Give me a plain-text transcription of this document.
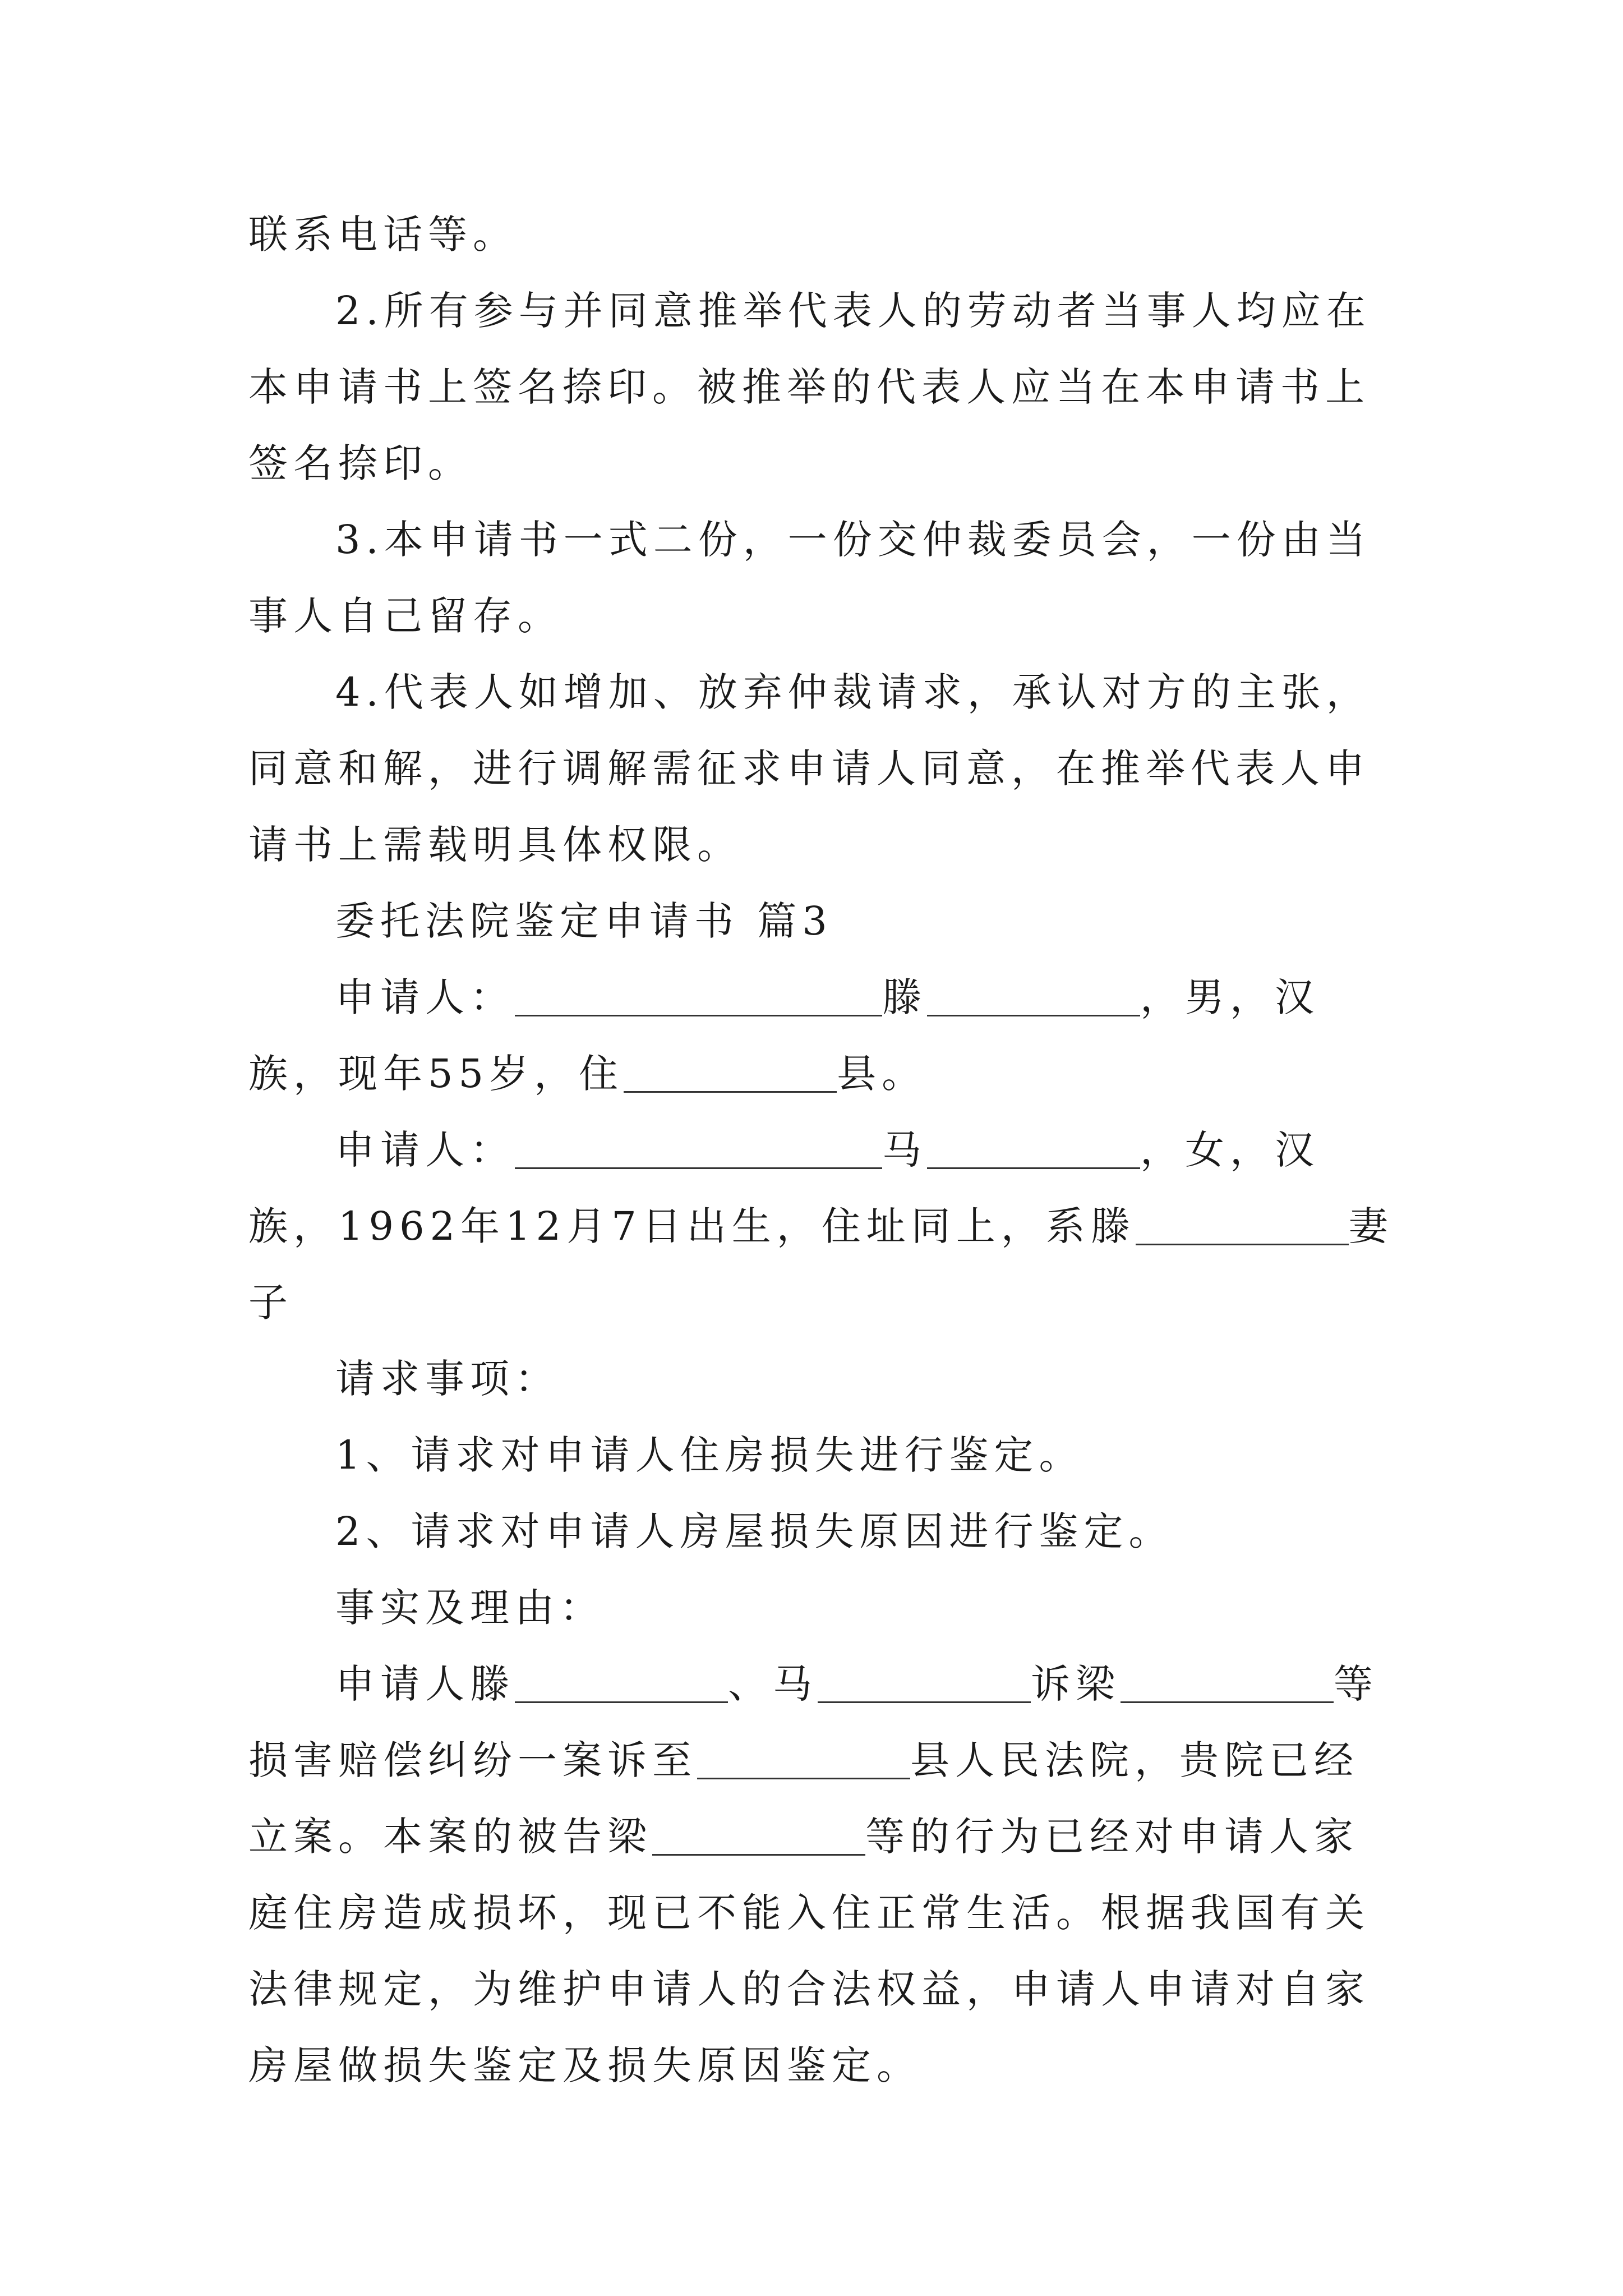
联系电话等。

2.所有参与并同意推举代表人的劳动者当事人均应在本申请书上签名捺印。被推举的代表人应当在本申请书上签名捺印。

3.本申请书一式二份，一份交仲裁委员会，一份由当事人自己留存。

4.代表人如增加、放弃仲裁请求，承认对方的主张，同意和解，进行调解需征求申请人同意，在推举代表人申请书上需载明具体权限。

委托法院鉴定申请书 篇3

申请人：	滕	，男，汉族，现年55岁，住	县。

申请人：	马	，女，汉族，1962年12月7日出生，住址同上，系滕	妻子

请求事项：

1、请求对申请人住房损失进行鉴定。

2、请求对申请人房屋损失原因进行鉴定。

事实及理由：

申请人滕	、马	诉梁	等损害赔偿纠纷一案诉至	县人民法院，贵院已经立案。本案的被告梁	等的行为已经对申请人家庭住房造成损坏，现已不能入住正常生活。根据我国有关法律规定，为维护申请人的合法权益，申请人申请对自家房屋做损失鉴定及损失原因鉴定。
